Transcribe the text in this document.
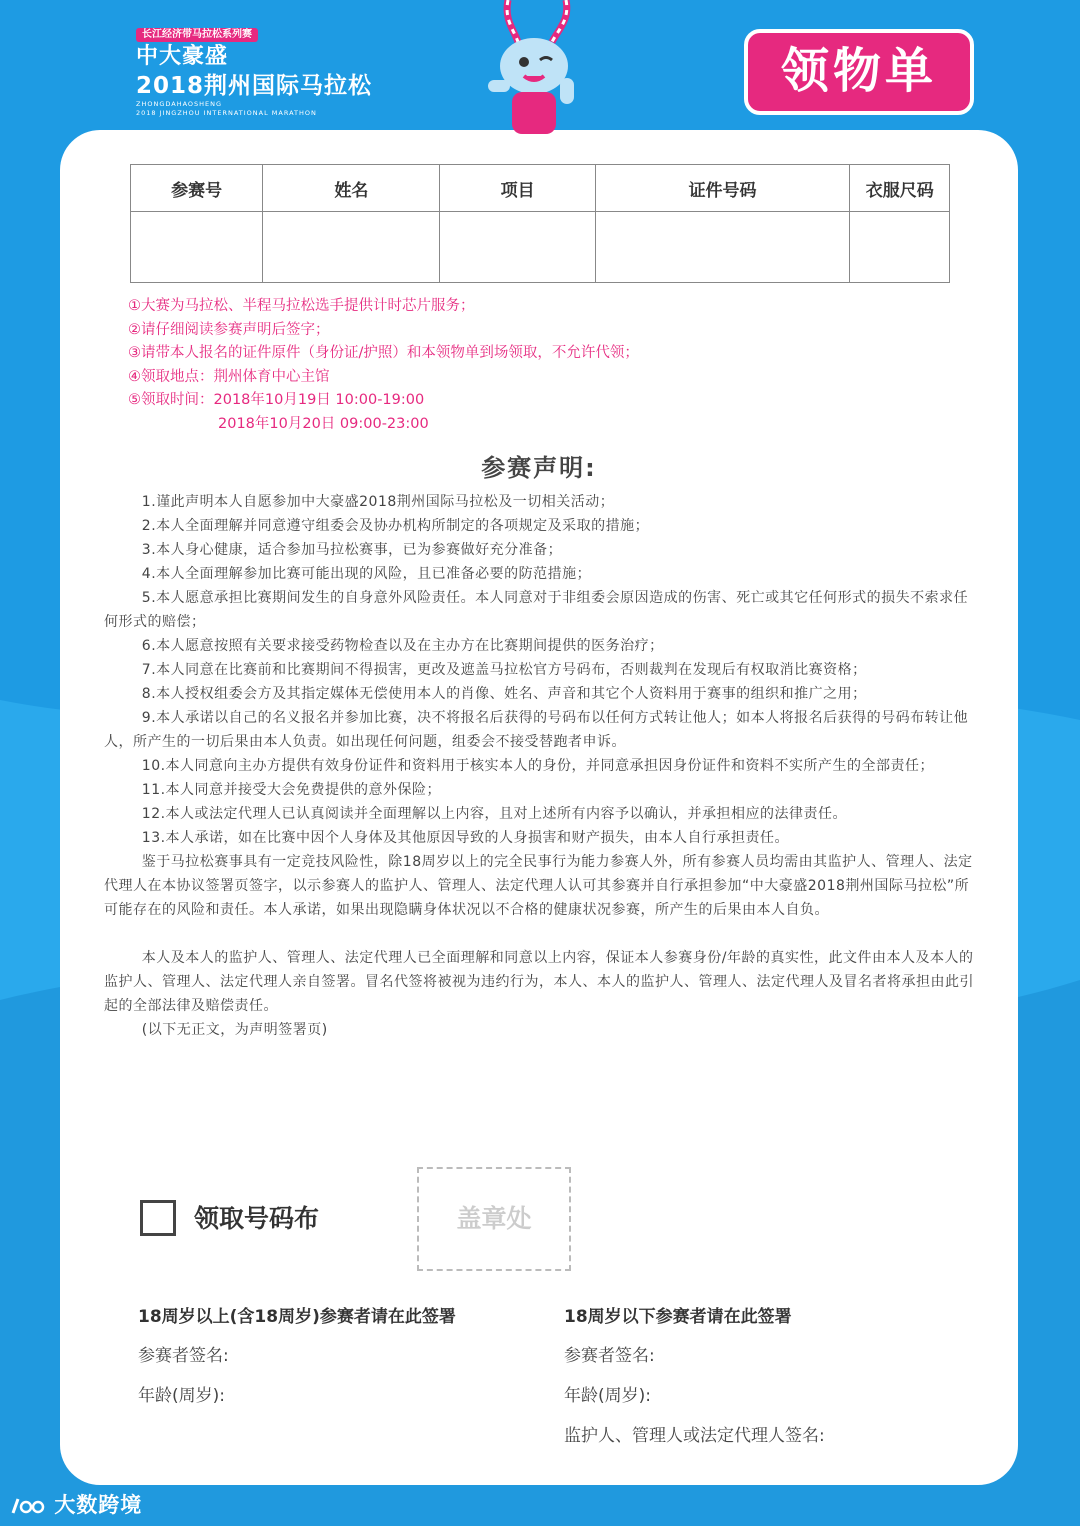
长江经济带马拉松系列赛
中大豪盛
2018荆州国际马拉松
ZHONGDAHAOSHENG
2018 JINGZHOU INTERNATIONAL MARATHON
领物单
参赛号	姓名	项目	证件号码	衣服尺码

①大赛为马拉松、半程马拉松选手提供计时芯片服务；
②请仔细阅读参赛声明后签字；
③请带本人报名的证件原件（身份证/护照）和本领物单到场领取，不允许代领；
④领取地点：荆州体育中心主馆
⑤领取时间：2018年10月19日 10:00-19:00
2018年10月20日 09:00-23:00
参赛声明:

1.谨此声明本人自愿参加中大豪盛2018荆州国际马拉松及一切相关活动；

2.本人全面理解并同意遵守组委会及协办机构所制定的各项规定及采取的措施；

3.本人身心健康，适合参加马拉松赛事，已为参赛做好充分准备；

4.本人全面理解参加比赛可能出现的风险，且已准备必要的防范措施；

5.本人愿意承担比赛期间发生的自身意外风险责任。本人同意对于非组委会原因造成的伤害、死亡或其它任何形式的损失不索求任何形式的赔偿；

6.本人愿意按照有关要求接受药物检查以及在主办方在比赛期间提供的医务治疗；

7.本人同意在比赛前和比赛期间不得损害，更改及遮盖马拉松官方号码布，否则裁判在发现后有权取消比赛资格；

8.本人授权组委会方及其指定媒体无偿使用本人的肖像、姓名、声音和其它个人资料用于赛事的组织和推广之用；

9.本人承诺以自己的名义报名并参加比赛，决不将报名后获得的号码布以任何方式转让他人；如本人将报名后获得的号码布转让他人，所产生的一切后果由本人负责。如出现任何问题，组委会不接受替跑者申诉。

10.本人同意向主办方提供有效身份证件和资料用于核实本人的身份，并同意承担因身份证件和资料不实所产生的全部责任；

11.本人同意并接受大会免费提供的意外保险；

12.本人或法定代理人已认真阅读并全面理解以上内容，且对上述所有内容予以确认，并承担相应的法律责任。

13.本人承诺，如在比赛中因个人身体及其他原因导致的人身损害和财产损失，由本人自行承担责任。

鉴于马拉松赛事具有一定竞技风险性，除18周岁以上的完全民事行为能力参赛人外，所有参赛人员均需由其监护人、管理人、法定代理人在本协议签署页签字，以示参赛人的监护人、管理人、法定代理人认可其参赛并自行承担参加“中大豪盛2018荆州国际马拉松”所可能存在的风险和责任。本人承诺，如果出现隐瞒身体状况以不合格的健康状况参赛，所产生的后果由本人自负。

本人及本人的监护人、管理人、法定代理人已全面理解和同意以上内容，保证本人参赛身份/年龄的真实性，此文件由本人及本人的监护人、管理人、法定代理人亲自签署。冒名代签将被视为违约行为，本人、本人的监护人、管理人、法定代理人及冒名者将承担由此引起的全部法律及赔偿责任。

(以下无正文，为声明签署页)

领取号码布	盖章处
18周岁以上(含18周岁)参赛者请在此签署
参赛者签名:
年龄(周岁):
18周岁以下参赛者请在此签署
参赛者签名:
年龄(周岁):
监护人、管理人或法定代理人签名:
大数跨境
